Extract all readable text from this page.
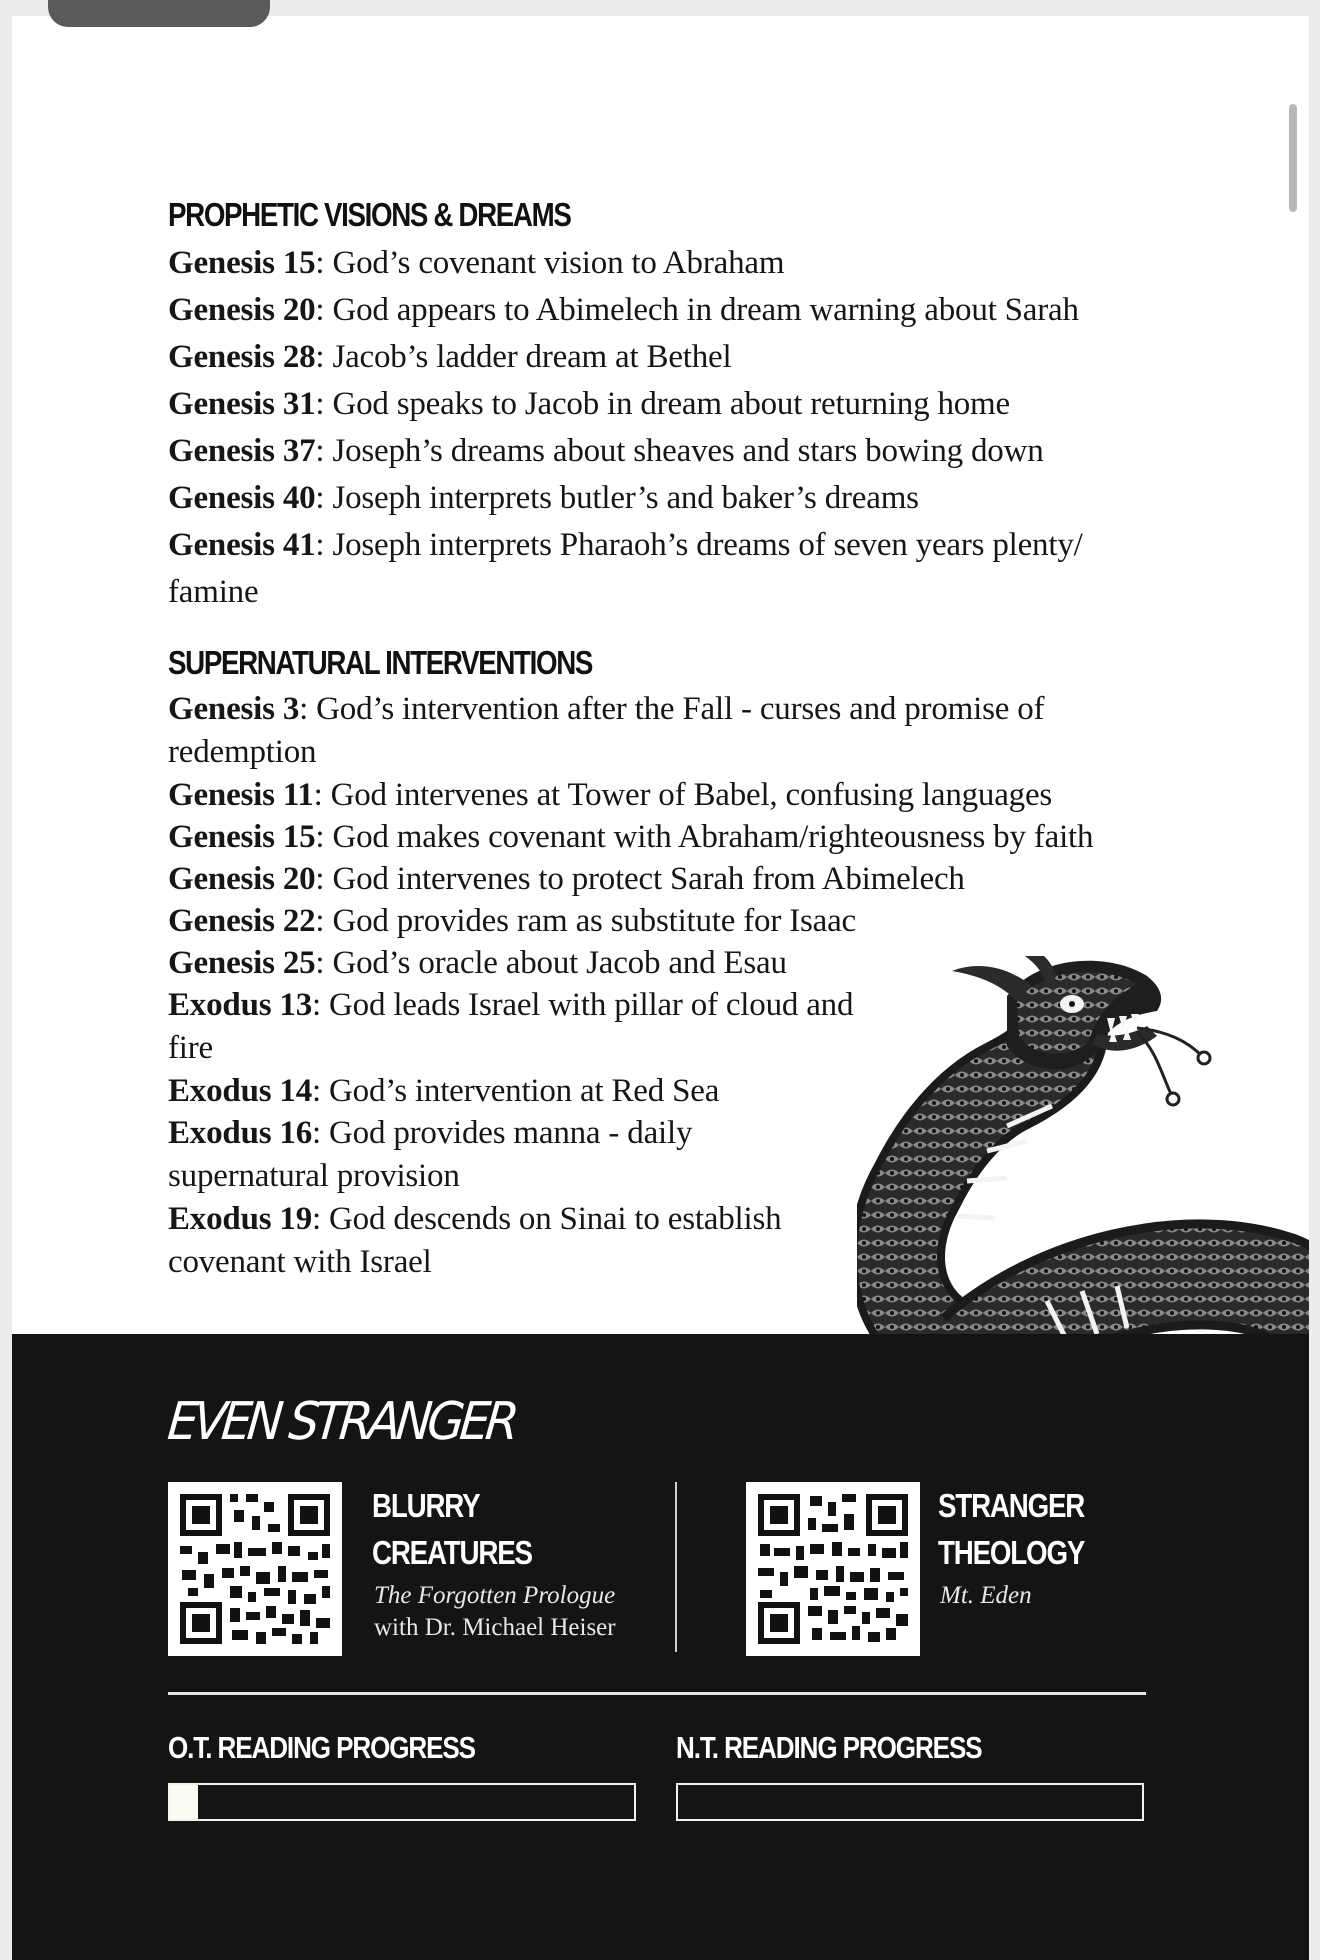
PROPHETIC VISIONS & DREAMS
Genesis 15: God’s covenant vision to Abraham
Genesis 20: God appears to Abimelech in dream warning about Sarah
Genesis 28: Jacob’s ladder dream at Bethel
Genesis 31: God speaks to Jacob in dream about returning home
Genesis 37: Joseph’s dreams about sheaves and stars bowing down
Genesis 40: Joseph interprets butler’s and baker’s dreams
Genesis 41: Joseph interprets Pharaoh’s dreams of seven years plenty/ famine
SUPERNATURAL INTERVENTIONS
Genesis 3: God’s intervention after the Fall - curses and promise of redemption
Genesis 11: God intervenes at Tower of Babel, confusing languages
Genesis 15: God makes covenant with Abraham/righteousness by faith
Genesis 20: God intervenes to protect Sarah from Abimelech
Genesis 22: God provides ram as substitute for Isaac
Genesis 25: God’s oracle about Jacob and Esau
Exodus 13: God leads Israel with pillar of cloud and fire
Exodus 14: God’s intervention at Red Sea
Exodus 16: God provides manna - daily supernatural provision
Exodus 19: God descends on Sinai to establish covenant with Israel
EVEN STRANGER
BLURRY
CREATURES
The Forgotten Prologue
with Dr. Michael Heiser
STRANGER
THEOLOGY
Mt. Eden
O.T. READING PROGRESS	N.T. READING PROGRESS
